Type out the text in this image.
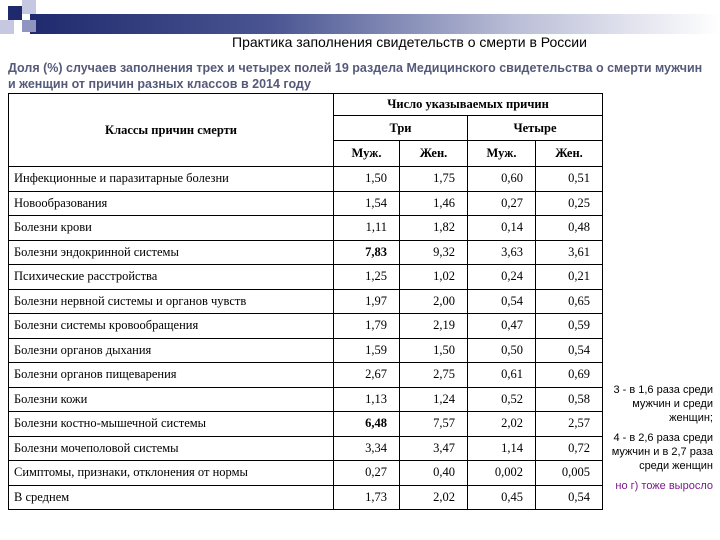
Практика заполнения свидетельств о смерти в России
Доля (%) случаев заполнения трех и четырех полей 19 раздела Медицинского свидетельства о смерти мужчин и женщин от причин разных классов в 2014 году
Классы причин смерти	Число указываемых причин			
	Три		Четыре	
	Муж.	Жен.	Муж.	Жен.
Инфекционные и паразитарные болезни	1,50	1,75	0,60	0,51
Новообразования	1,54	1,46	0,27	0,25
Болезни крови	1,11	1,82	0,14	0,48
Болезни эндокринной системы	7,83	9,32	3,63	3,61
Психические расстройства	1,25	1,02	0,24	0,21
Болезни нервной системы и органов чувств	1,97	2,00	0,54	0,65
Болезни системы кровообращения	1,79	2,19	0,47	0,59
Болезни органов дыхания	1,59	1,50	0,50	0,54
Болезни органов пищеварения	2,67	2,75	0,61	0,69
Болезни кожи	1,13	1,24	0,52	0,58
Болезни костно-мышечной системы	6,48	7,57	2,02	2,57
Болезни мочеполовой системы	3,34	3,47	1,14	0,72
Симптомы, признаки, отклонения от нормы	0,27	0,40	0,002	0,005
В среднем	1,73	2,02	0,45	0,54

3 - в 1,6 раза среди мужчин и среди женщин;

4 - в 2,6 раза среди мужчин и в 2,7 раза среди женщин

но г) тоже выросло
